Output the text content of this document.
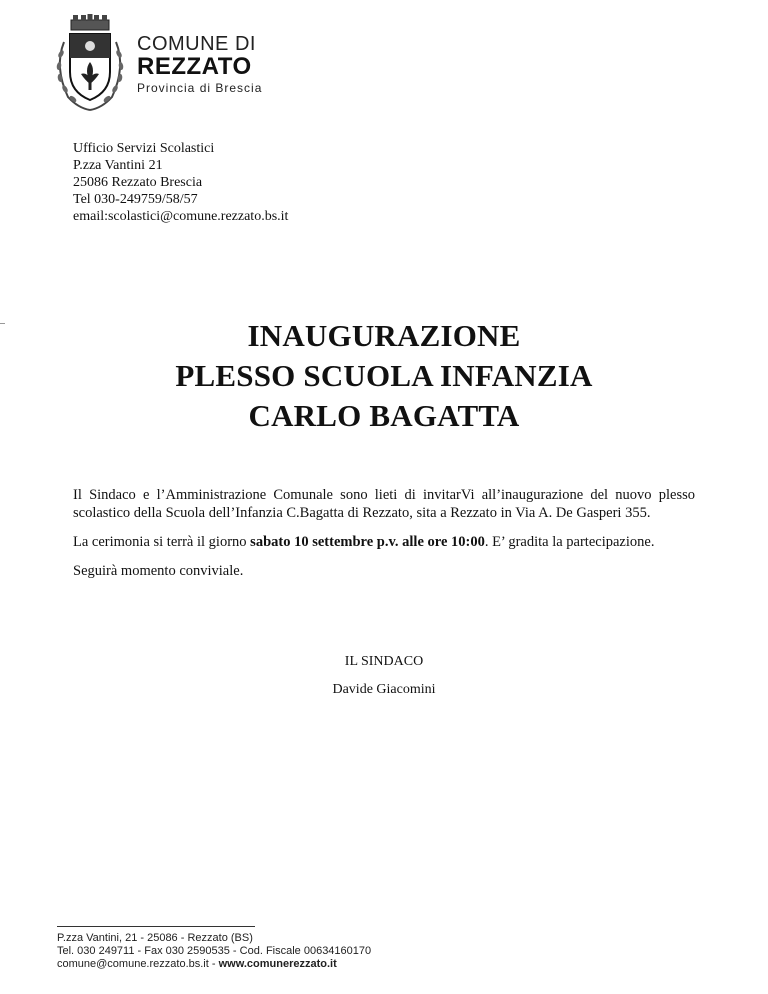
COMUNE DI
REZZATO
Provincia di Brescia
Ufficio Servizi Scolastici
P.zza Vantini 21
25086 Rezzato Brescia
Tel 030-249759/58/57
email:scolastici@comune.rezzato.bs.it
INAUGURAZIONE
PLESSO SCUOLA INFANZIA
CARLO BAGATTA

Il Sindaco e l’Amministrazione Comunale sono lieti di invitarVi all’inaugurazione del nuovo plesso scolastico della Scuola dell’Infanzia C.Bagatta di Rezzato, sita a Rezzato in Via A. De Gasperi 355.

La cerimonia si terrà il giorno sabato 10 settembre p.v. alle ore 10:00. E’ gradita la partecipazione.

Seguirà momento conviviale.

IL SINDACO
Davide Giacomini
P.zza Vantini, 21 - 25086 - Rezzato (BS)
Tel. 030 249711 - Fax 030 2590535 - Cod. Fiscale 00634160170
comune@comune.rezzato.bs.it - www.comunerezzato.it
